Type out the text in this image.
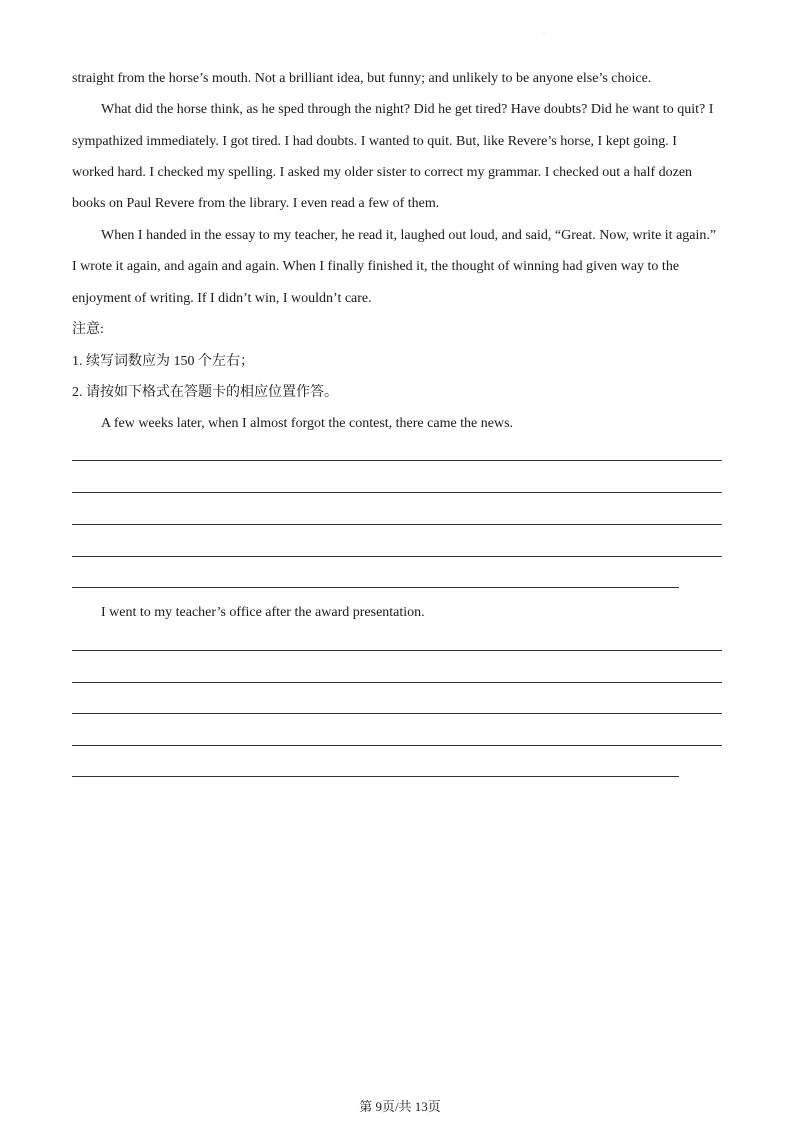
·
straight from the horse’s mouth. Not a brilliant idea, but funny; and unlikely to be anyone else’s choice.
What did the horse think, as he sped through the night? Did he get tired? Have doubts? Did he want to quit? I
sympathized immediately. I got tired. I had doubts. I wanted to quit. But, like Revere’s horse, I kept going. I
worked hard. I checked my spelling. I asked my older sister to correct my grammar. I checked out a half dozen
books on Paul Revere from the library. I even read a few of them.
When I handed in the essay to my teacher, he read it, laughed out loud, and said, “Great. Now, write it again.”
I wrote it again, and again and again. When I finally finished it, the thought of winning had given way to the
enjoyment of writing. If I didn’t win, I wouldn’t care.
注意:
1. 续写词数应为 150 个左右；
2. 请按如下格式在答题卡的相应位置作答。
A few weeks later, when I almost forgot the contest, there came the news.
I went to my teacher’s office after the award presentation.
第 9页/共 13页
